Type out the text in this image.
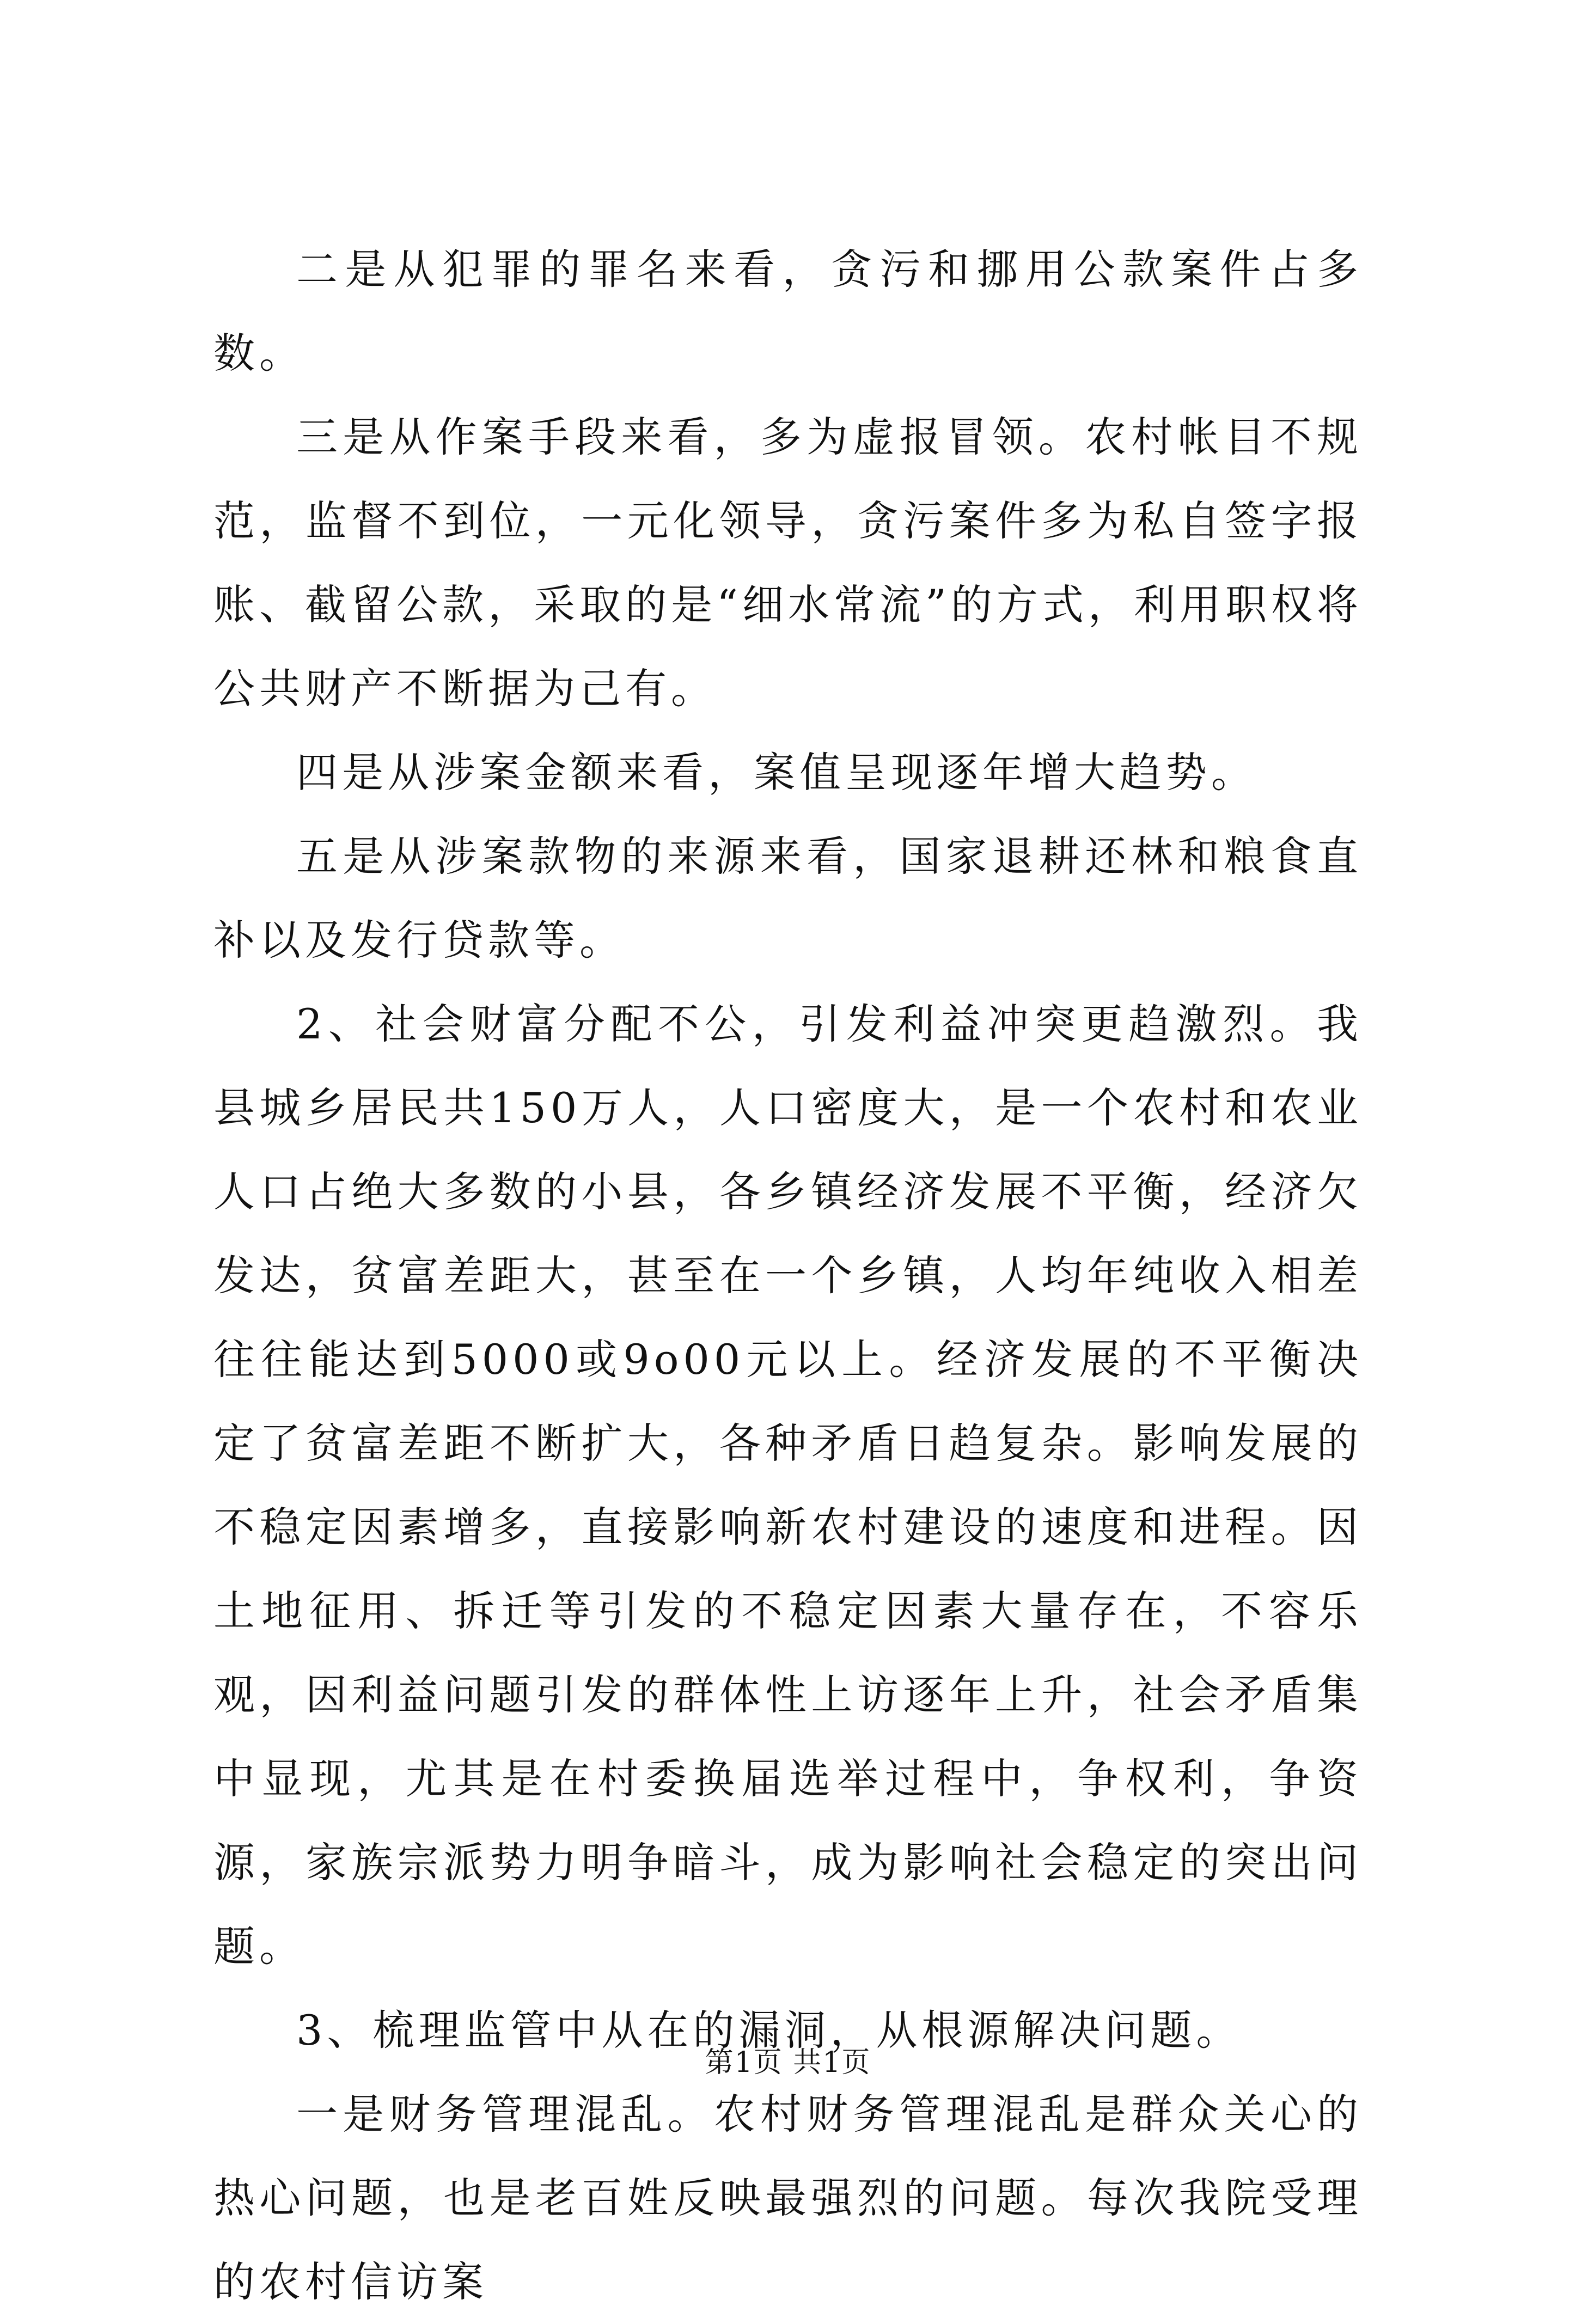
二是从犯罪的罪名来看，贪污和挪用公款案件占多数。

三是从作案手段来看，多为虚报冒领。农村帐目不规范，监督不到位，一元化领导，贪污案件多为私自签字报账、截留公款，采取的是“细水常流”的方式，利用职权将公共财产不断据为己有。

四是从涉案金额来看，案值呈现逐年增大趋势。

五是从涉案款物的来源来看，国家退耕还林和粮食直补以及发行贷款等。

2、社会财富分配不公，引发利益冲突更趋激烈。我县城乡居民共150万人，人口密度大，是一个农村和农业人口占绝大多数的小县，各乡镇经济发展不平衡，经济欠发达，贫富差距大，甚至在一个乡镇，人均年纯收入相差往往能达到5000或9o00元以上。经济发展的不平衡决定了贫富差距不断扩大，各种矛盾日趋复杂。影响发展的不稳定因素增多，直接影响新农村建设的速度和进程。因土地征用、拆迁等引发的不稳定因素大量存在，不容乐观，因利益问题引发的群体性上访逐年上升，社会矛盾集中显现，尤其是在村委换届选举过程中，争权利，争资源，家族宗派势力明争暗斗，成为影响社会稳定的突出问题。

3、梳理监管中从在的漏洞，从根源解决问题。

一是财务管理混乱。农村财务管理混乱是群众关心的热心问题，也是老百姓反映最强烈的问题。每次我院受理的农村信访案

第1页 共1页
